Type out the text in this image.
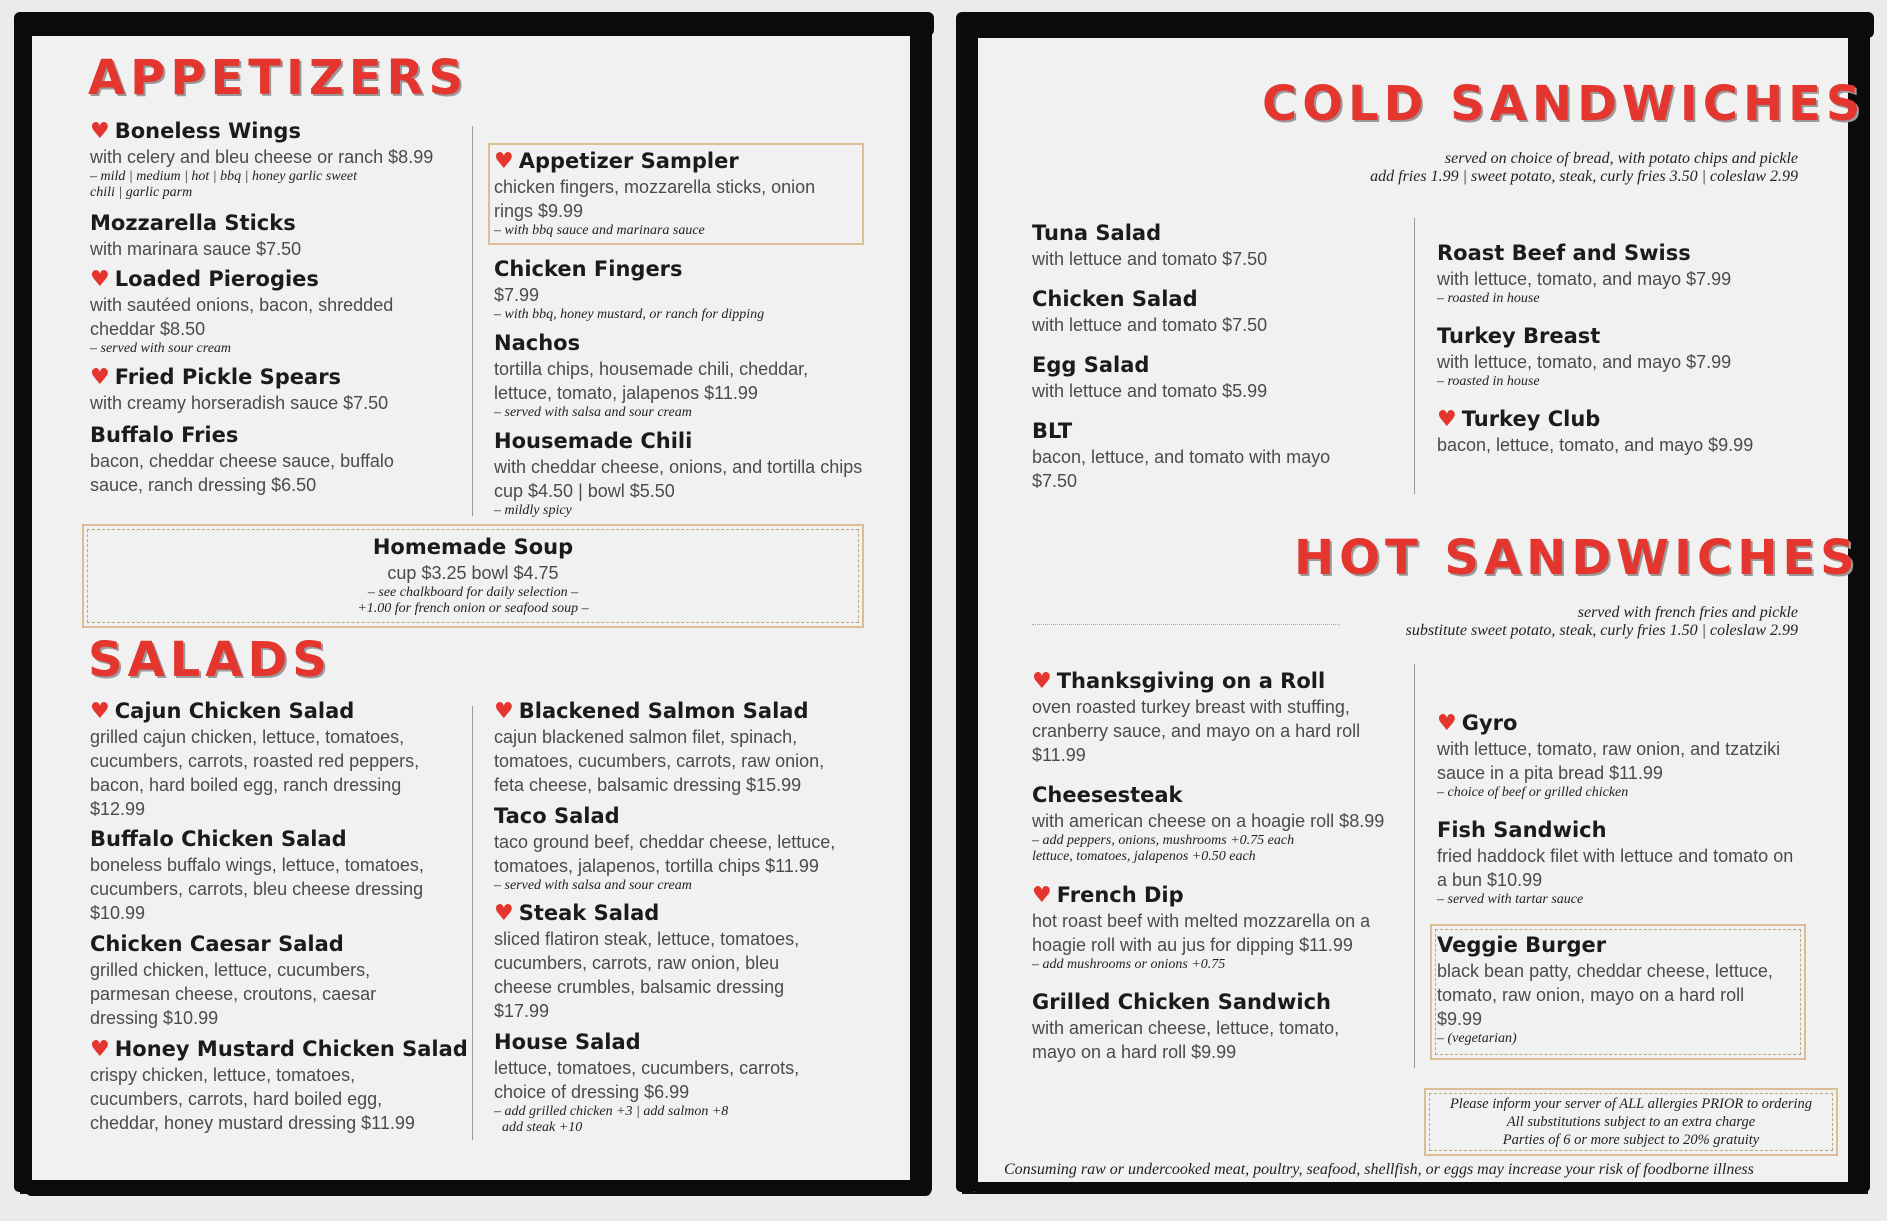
APPETIZERS
♥ Boneless Wings
with celery and bleu cheese or ranch $8.99
– mild | medium | hot | bbq | honey garlic sweet chili | garlic parm
Mozzarella Sticks
with marinara sauce $7.50
♥ Loaded Pierogies
with sautéed onions, bacon, shredded cheddar $8.50
– served with sour cream
♥ Fried Pickle Spears
with creamy horseradish sauce $7.50
Buffalo Fries
bacon, cheddar cheese sauce, buffalo sauce, ranch dressing $6.50
♥ Appetizer Sampler
chicken fingers, mozzarella sticks, onion rings $9.99
– with bbq sauce and marinara sauce
Chicken Fingers
$7.99
– with bbq, honey mustard, or ranch for dipping
Nachos
tortilla chips, housemade chili, cheddar, lettuce, tomato, jalapenos $11.99
– served with salsa and sour cream
Housemade Chili
with cheddar cheese, onions, and tortilla chips
cup $4.50 | bowl $5.50
– mildly spicy
Homemade Soup
cup $3.25 bowl $4.75
– see chalkboard for daily selection –
+1.00 for french onion or seafood soup –
SALADS
♥ Cajun Chicken Salad
grilled cajun chicken, lettuce, tomatoes, cucumbers, carrots, roasted red peppers, bacon, hard boiled egg, ranch dressing $12.99
Buffalo Chicken Salad
boneless buffalo wings, lettuce, tomatoes, cucumbers, carrots, bleu cheese dressing $10.99
Chicken Caesar Salad
grilled chicken, lettuce, cucumbers, parmesan cheese, croutons, caesar dressing $10.99
♥ Honey Mustard Chicken Salad
crispy chicken, lettuce, tomatoes, cucumbers, carrots, hard boiled egg, cheddar, honey mustard dressing $11.99
♥ Blackened Salmon Salad
cajun blackened salmon filet, spinach, tomatoes, cucumbers, carrots, raw onion, feta cheese, balsamic dressing $15.99
Taco Salad
taco ground beef, cheddar cheese, lettuce, tomatoes, jalapenos, tortilla chips $11.99
– served with salsa and sour cream
♥ Steak Salad
sliced flatiron steak, lettuce, tomatoes, cucumbers, carrots, raw onion, bleu cheese crumbles, balsamic dressing $17.99
House Salad
lettuce, tomatoes, cucumbers, carrots, choice of dressing $6.99
– add grilled chicken +3 | add salmon +8
add steak +10
COLD SANDWICHES
served on choice of bread, with potato chips and pickle
add fries 1.99 | sweet potato, steak, curly fries 3.50 | coleslaw 2.99
Tuna Salad
with lettuce and tomato $7.50
Chicken Salad
with lettuce and tomato $7.50
Egg Salad
with lettuce and tomato $5.99
BLT
bacon, lettuce, and tomato with mayo $7.50
Roast Beef and Swiss
with lettuce, tomato, and mayo $7.99
– roasted in house
Turkey Breast
with lettuce, tomato, and mayo $7.99
– roasted in house
♥ Turkey Club
bacon, lettuce, tomato, and mayo $9.99
HOT SANDWICHES
served with french fries and pickle
substitute sweet potato, steak, curly fries 1.50 | coleslaw 2.99
♥ Thanksgiving on a Roll
oven roasted turkey breast with stuffing, cranberry sauce, and mayo on a hard roll $11.99
Cheesesteak
with american cheese on a hoagie roll $8.99
– add peppers, onions, mushrooms +0.75 each
lettuce, tomatoes, jalapenos +0.50 each
♥ French Dip
hot roast beef with melted mozzarella on a hoagie roll with au jus for dipping $11.99
– add mushrooms or onions +0.75
Grilled Chicken Sandwich
with american cheese, lettuce, tomato, mayo on a hard roll $9.99
♥ Gyro
with lettuce, tomato, raw onion, and tzatziki sauce in a pita bread $11.99
– choice of beef or grilled chicken
Fish Sandwich
fried haddock filet with lettuce and tomato on a bun $10.99
– served with tartar sauce
Veggie Burger
black bean patty, cheddar cheese, lettuce, tomato, raw onion, mayo on a hard roll $9.99
– (vegetarian)
Please inform your server of ALL allergies PRIOR to ordering
All substitutions subject to an extra charge
Parties of 6 or more subject to 20% gratuity
Consuming raw or undercooked meat, poultry, seafood, shellfish, or eggs may increase your risk of foodborne illness
